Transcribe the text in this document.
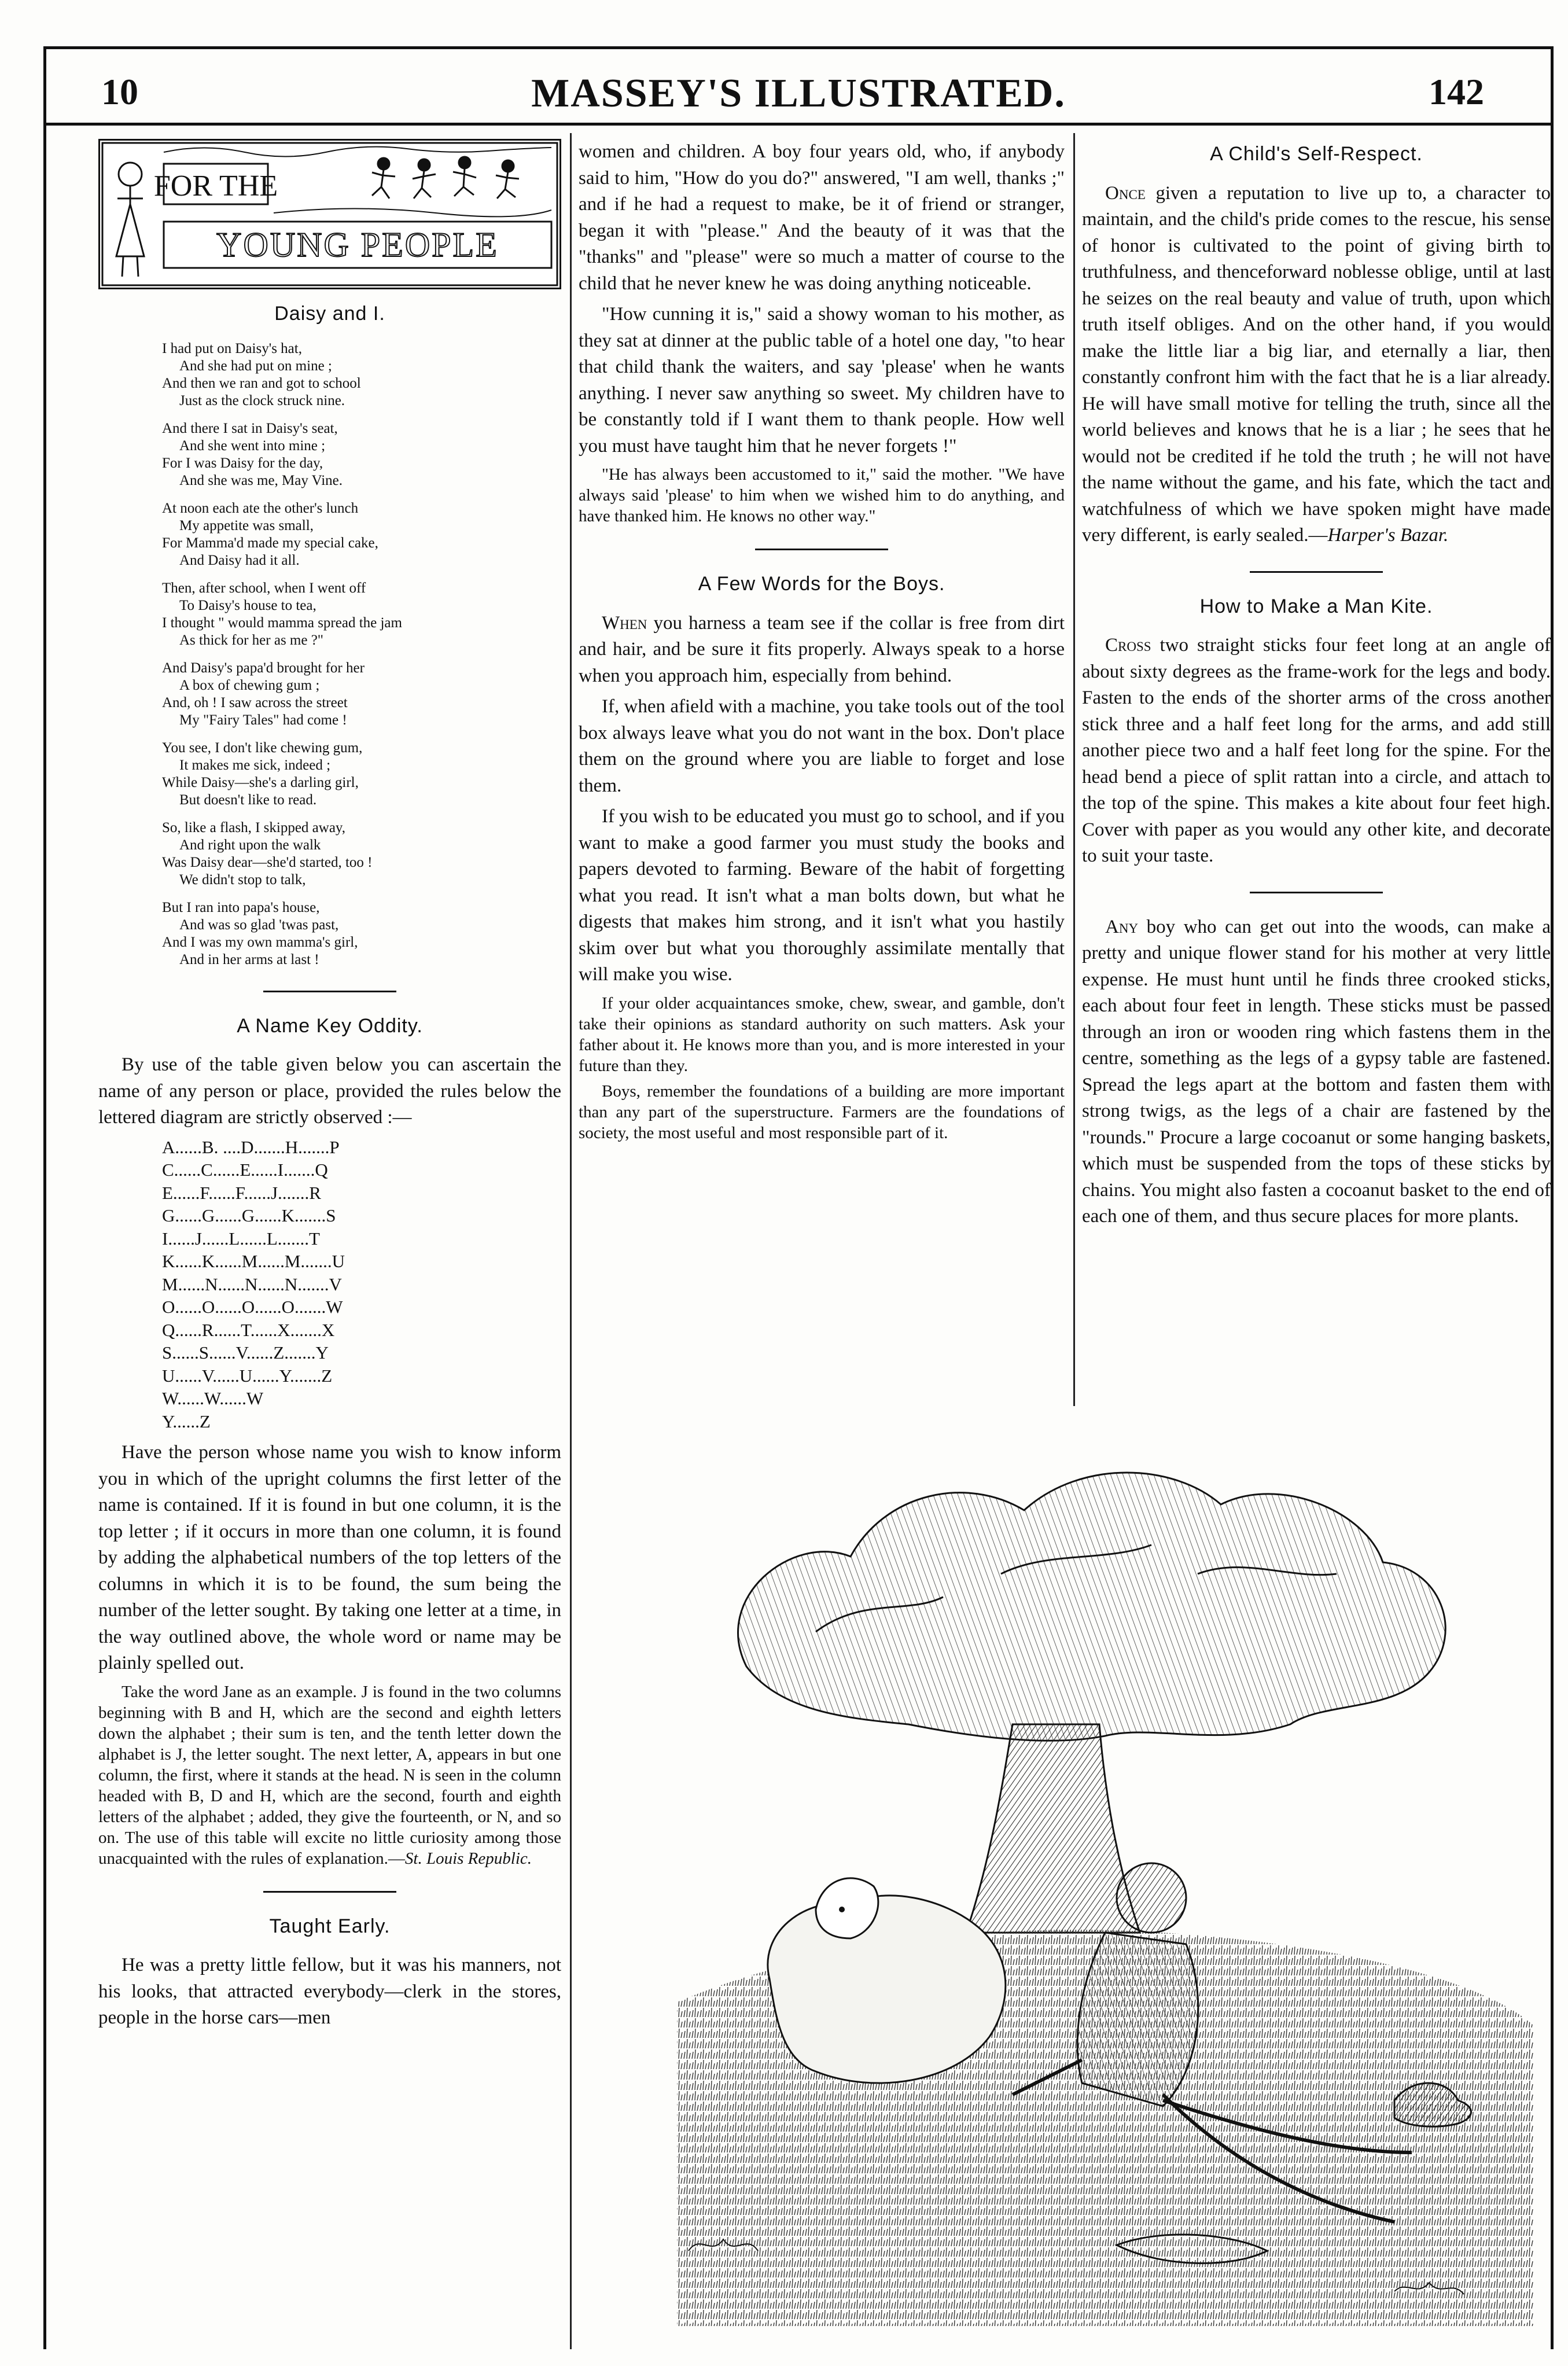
10	MASSEY'S ILLUSTRATED.	142
FOR THE
YOUNG PEOPLE
Daisy and I.
I had put on Daisy's hat,
And she had put on mine ;
And then we ran and got to school
Just as the clock struck nine.
And there I sat in Daisy's seat,
And she went into mine ;
For I was Daisy for the day,
And she was me, May Vine.
At noon each ate the other's lunch
My appetite was small,
For Mamma'd made my special cake,
And Daisy had it all.
Then, after school, when I went off
To Daisy's house to tea,
I thought " would mamma spread the jam
As thick for her as me ?"
And Daisy's papa'd brought for her
A box of chewing gum ;
And, oh ! I saw across the street
My "Fairy Tales" had come !
You see, I don't like chewing gum,
It makes me sick, indeed ;
While Daisy—she's a darling girl,
But doesn't like to read.
So, like a flash, I skipped away,
And right upon the walk
Was Daisy dear—she'd started, too !
We didn't stop to talk,
But I ran into papa's house,
And was so glad 'twas past,
And I was my own mamma's girl,
And in her arms at last !
A Name Key Oddity.

By use of the table given below you can ascertain the name of any person or place, provided the rules below the lettered diagram are strictly observed :—

A......B. ....D.......H.......P
C......C......E......I.......Q
E......F......F......J.......R
G......G......G......K.......S
I......J......L......L.......T
K......K......M......M.......U
M......N......N......N.......V
O......O......O......O.......W
Q......R......T......X.......X
S......S......V......Z.......Y
U......V......U......Y.......Z
W......W......W
Y......Z

Have the person whose name you wish to know inform you in which of the upright columns the first letter of the name is contained. If it is found in but one column, it is the top letter ; if it occurs in more than one column, it is found by adding the alphabetical numbers of the top letters of the columns in which it is to be found, the sum being the number of the letter sought. By taking one letter at a time, in the way outlined above, the whole word or name may be plainly spelled out.

Take the word Jane as an example. J is found in the two columns beginning with B and H, which are the second and eighth letters down the alphabet ; their sum is ten, and the tenth letter down the alphabet is J, the letter sought. The next letter, A, appears in but one column, the first, where it stands at the head. N is seen in the column headed with B, D and H, which are the second, fourth and eighth letters of the alphabet ; added, they give the fourteenth, or N, and so on. The use of this table will excite no little curiosity among those unacquainted with the rules of explanation.—St. Louis Republic.

Taught Early.

He was a pretty little fellow, but it was his manners, not his looks, that attracted everybody—clerk in the stores, people in the horse cars—men

women and children. A boy four years old, who, if anybody said to him, "How do you do?" answered, "I am well, thanks ;" and if he had a request to make, be it of friend or stranger, began it with "please." And the beauty of it was that the "thanks" and "please" were so much a matter of course to the child that he never knew he was doing anything noticeable.

"How cunning it is," said a showy woman to his mother, as they sat at dinner at the public table of a hotel one day, "to hear that child thank the waiters, and say 'please' when he wants anything. I never saw anything so sweet. My children have to be constantly told if I want them to thank people. How well you must have taught him that he never forgets !"

"He has always been accustomed to it," said the mother. "We have always said 'please' to him when we wished him to do anything, and have thanked him. He knows no other way."

A Few Words for the Boys.

When you harness a team see if the collar is free from dirt and hair, and be sure it fits properly. Always speak to a horse when you approach him, especially from behind.

If, when afield with a machine, you take tools out of the tool box always leave what you do not want in the box. Don't place them on the ground where you are liable to forget and lose them.

If you wish to be educated you must go to school, and if you want to make a good farmer you must study the books and papers devoted to farming. Beware of the habit of forgetting what you read. It isn't what a man bolts down, but what he digests that makes him strong, and it isn't what you hastily skim over but what you thoroughly assimilate mentally that will make you wise.

If your older acquaintances smoke, chew, swear, and gamble, don't take their opinions as standard authority on such matters. Ask your father about it. He knows more than you, and is more interested in your future than they.

Boys, remember the foundations of a building are more important than any part of the superstructure. Farmers are the foundations of society, the most useful and most responsible part of it.

A Child's Self-Respect.

Once given a reputation to live up to, a character to maintain, and the child's pride comes to the rescue, his sense of honor is cultivated to the point of giving birth to truthfulness, and thenceforward noblesse oblige, until at last he seizes on the real beauty and value of truth, upon which truth itself obliges. And on the other hand, if you would make the little liar a big liar, and eternally a liar, then constantly confront him with the fact that he is a liar already. He will have small motive for telling the truth, since all the world believes and knows that he is a liar ; he sees that he would not be credited if he told the truth ; he will not have the name without the game, and his fate, which the tact and watchfulness of which we have spoken might have made very different, is early sealed.—Harper's Bazar.

How to Make a Man Kite.

Cross two straight sticks four feet long at an angle of about sixty degrees as the frame-work for the legs and body. Fasten to the ends of the shorter arms of the cross another stick three and a half feet long for the arms, and add still another piece two and a half feet long for the spine. For the head bend a piece of split rattan into a circle, and attach to the top of the spine. This makes a kite about four feet high. Cover with paper as you would any other kite, and decorate to suit your taste.

Any boy who can get out into the woods, can make a pretty and unique flower stand for his mother at very little expense. He must hunt until he finds three crooked sticks, each about four feet in length. These sticks must be passed through an iron or wooden ring which fastens them in the centre, something as the legs of a gypsy table are fastened. Spread the legs apart at the bottom and fasten them with strong twigs, as the legs of a chair are fastened by the "rounds." Procure a large cocoanut or some hanging baskets, which must be suspended from the tops of these sticks by chains. You might also fasten a cocoanut basket to the end of each one of them, and thus secure places for more plants.
